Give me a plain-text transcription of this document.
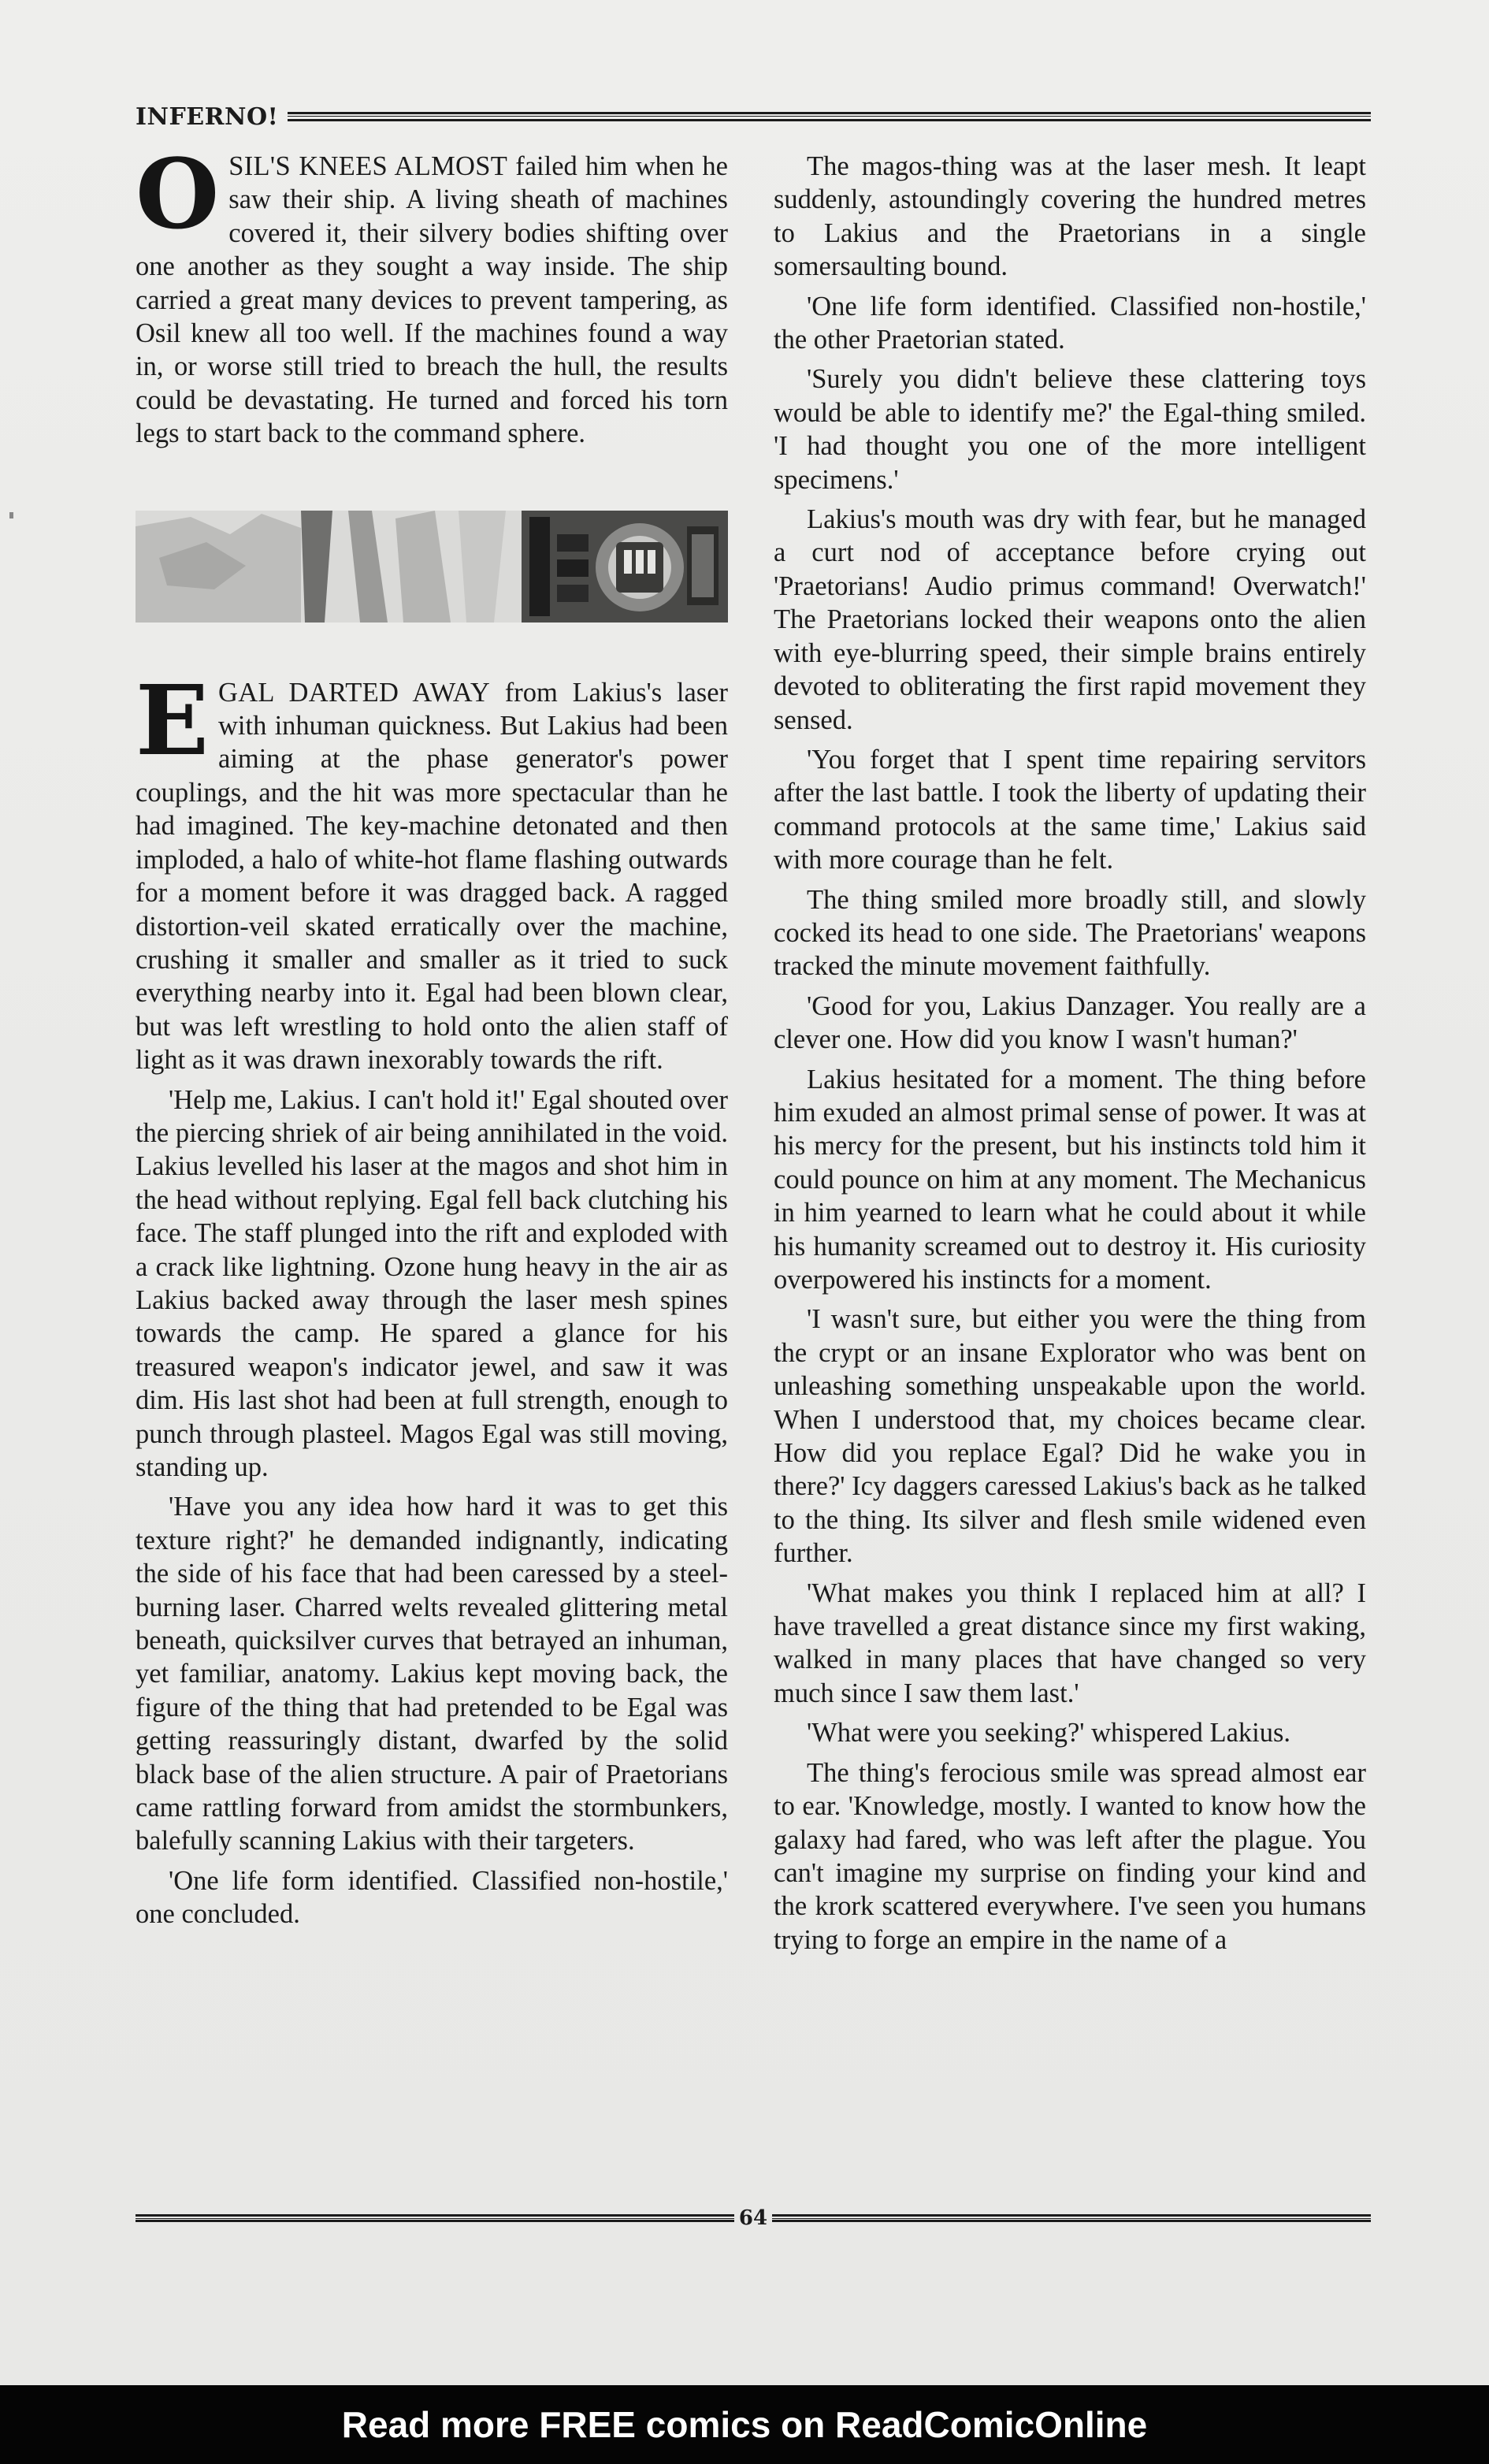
INFERNO!

OSIL'S KNEES ALMOST failed him when he saw their ship. A living sheath of machines covered it, their silvery bodies shifting over one another as they sought a way inside. The ship carried a great many devices to prevent tampering, as Osil knew all too well. If the machines found a way in, or worse still tried to breach the hull, the results could be devastating. He turned and forced his torn legs to start back to the command sphere.

EGAL DARTED AWAY from Lakius's laser with inhuman quickness. But Lakius had been aiming at the phase generator's power couplings, and the hit was more spectacular than he had imagined. The key-machine detonated and then imploded, a halo of white-hot flame flashing outwards for a moment before it was dragged back. A ragged distortion-veil skated erratically over the machine, crushing it smaller and smaller as it tried to suck everything nearby into it. Egal had been blown clear, but was left wrestling to hold onto the alien staff of light as it was drawn inexorably towards the rift.

'Help me, Lakius. I can't hold it!' Egal shouted over the piercing shriek of air being annihilated in the void. Lakius levelled his laser at the magos and shot him in the head without replying. Egal fell back clutching his face. The staff plunged into the rift and exploded with a crack like lightning. Ozone hung heavy in the air as Lakius backed away through the laser mesh spines towards the camp. He spared a glance for his treasured weapon's indicator jewel, and saw it was dim. His last shot had been at full strength, enough to punch through plasteel. Magos Egal was still moving, standing up.

'Have you any idea how hard it was to get this texture right?' he demanded indignantly, indicating the side of his face that had been caressed by a steel-burning laser. Charred welts revealed glittering metal beneath, quicksilver curves that betrayed an inhuman, yet familiar, anatomy. Lakius kept moving back, the figure of the thing that had pretended to be Egal was getting reassuringly distant, dwarfed by the solid black base of the alien structure. A pair of Praetorians came rattling forward from amidst the stormbunkers, balefully scanning Lakius with their targeters.

'One life form identified. Classified non-hostile,' one concluded.

The magos-thing was at the laser mesh. It leapt suddenly, astoundingly covering the hundred metres to Lakius and the Praetorians in a single somersaulting bound.

'One life form identified. Classified non-hostile,' the other Praetorian stated.

'Surely you didn't believe these clattering toys would be able to identify me?' the Egal-thing smiled. 'I had thought you one of the more intelligent specimens.'

Lakius's mouth was dry with fear, but he managed a curt nod of acceptance before crying out 'Praetorians! Audio primus command! Overwatch!' The Praetorians locked their weapons onto the alien with eye-blurring speed, their simple brains entirely devoted to obliterating the first rapid movement they sensed.

'You forget that I spent time repairing servitors after the last battle. I took the liberty of updating their command protocols at the same time,' Lakius said with more courage than he felt.

The thing smiled more broadly still, and slowly cocked its head to one side. The Praetorians' weapons tracked the minute movement faithfully.

'Good for you, Lakius Danzager. You really are a clever one. How did you know I wasn't human?'

Lakius hesitated for a moment. The thing before him exuded an almost primal sense of power. It was at his mercy for the present, but his instincts told him it could pounce on him at any moment. The Mechanicus in him yearned to learn what he could about it while his humanity screamed out to destroy it. His curiosity overpowered his instincts for a moment.

'I wasn't sure, but either you were the thing from the crypt or an insane Explorator who was bent on unleashing something unspeakable upon the world. When I understood that, my choices became clear. How did you replace Egal? Did he wake you in there?' Icy daggers caressed Lakius's back as he talked to the thing. Its silver and flesh smile widened even further.

'What makes you think I replaced him at all? I have travelled a great distance since my first waking, walked in many places that have changed so very much since I saw them last.'

'What were you seeking?' whispered Lakius.

The thing's ferocious smile was spread almost ear to ear. 'Knowledge, mostly. I wanted to know how the galaxy had fared, who was left after the plague. You can't imagine my surprise on finding your kind and the krork scattered everywhere. I've seen you humans trying to forge an empire in the name of a

64
Read more FREE comics on ReadComicOnline
